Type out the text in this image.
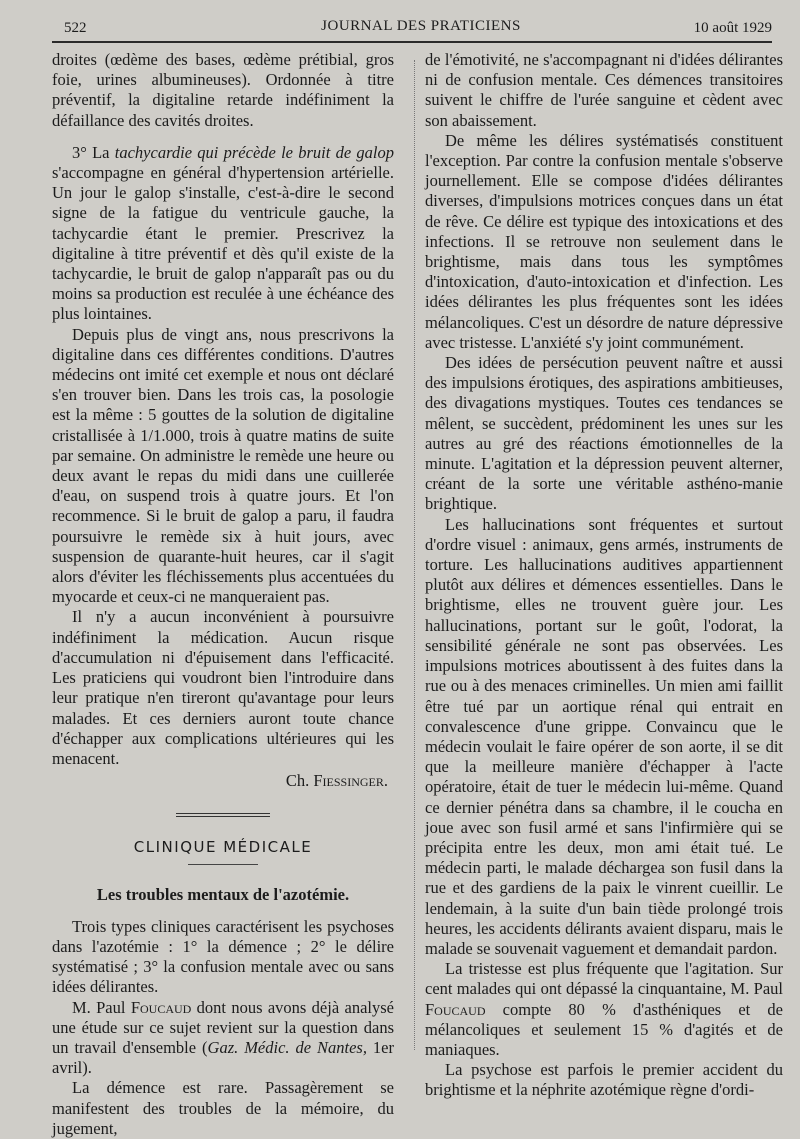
522	JOURNAL DES PRATICIENS	10 août 1929

droites (œdème des bases, œdème prétibial, gros foie, urines albumineuses). Ordonnée à titre préventif, la digitaline retarde indéfiniment la défaillance des cavités droites.

3° La tachycardie qui précède le bruit de galop s'accompagne en général d'hypertension artérielle. Un jour le galop s'installe, c'est-à-dire le second signe de la fatigue du ventricule gauche, la tachycardie étant le premier. Prescrivez la digitaline à titre préventif et dès qu'il existe de la tachycardie, le bruit de galop n'apparaît pas ou du moins sa production est reculée à une échéance des plus lointaines.

Depuis plus de vingt ans, nous prescrivons la digitaline dans ces différentes conditions. D'autres médecins ont imité cet exemple et nous ont déclaré s'en trouver bien. Dans les trois cas, la posologie est la même : 5 gouttes de la solution de digitaline cristallisée à 1/1.000, trois à quatre matins de suite par semaine. On administre le remède une heure ou deux avant le repas du midi dans une cuillerée d'eau, on suspend trois à quatre jours. Et l'on recommence. Si le bruit de galop a paru, il faudra poursuivre le remède six à huit jours, avec suspension de quarante-huit heures, car il s'agit alors d'éviter les fléchissements plus accentuées du myocarde et ceux-ci ne manqueraient pas.

Il n'y a aucun inconvénient à poursuivre indéfiniment la médication. Aucun risque d'accumulation ni d'épuisement dans l'efficacité. Les praticiens qui voudront bien l'introduire dans leur pratique n'en tireront qu'avantage pour leurs malades. Et ces derniers auront toute chance d'échapper aux complications ultérieures qui les menacent.

Ch. Fiessinger.
CLINIQUE MÉDICALE
Les troubles mentaux de l'azotémie.

Trois types cliniques caractérisent les psychoses dans l'azotémie : 1° la démence ; 2° le délire systématisé ; 3° la confusion mentale avec ou sans idées délirantes.

M. Paul Foucaud dont nous avons déjà analysé une étude sur ce sujet revient sur la question dans un travail d'ensemble (Gaz. Médic. de Nantes, 1er avril).

La démence est rare. Passagèrement se manifestent des troubles de la mémoire, du jugement,

de l'émotivité, ne s'accompagnant ni d'idées délirantes ni de confusion mentale. Ces démences transitoires suivent le chiffre de l'urée sanguine et cèdent avec son abaissement.

De même les délires systématisés constituent l'exception. Par contre la confusion mentale s'observe journellement. Elle se compose d'idées délirantes diverses, d'impulsions motrices conçues dans un état de rêve. Ce délire est typique des intoxications et des infections. Il se retrouve non seulement dans le brightisme, mais dans tous les symptômes d'intoxication, d'auto-intoxication et d'infection. Les idées délirantes les plus fréquentes sont les idées mélancoliques. C'est un désordre de nature dépressive avec tristesse. L'anxiété s'y joint communément.

Des idées de persécution peuvent naître et aussi des impulsions érotiques, des aspirations ambitieuses, des divagations mystiques. Toutes ces tendances se mêlent, se succèdent, prédominent les unes sur les autres au gré des réactions émotionnelles de la minute. L'agitation et la dépression peuvent alterner, créant de la sorte une véritable asthéno-manie brightique.

Les hallucinations sont fréquentes et surtout d'ordre visuel : animaux, gens armés, instruments de torture. Les hallucinations auditives appartiennent plutôt aux délires et démences essentielles. Dans le brightisme, elles ne trouvent guère jour. Les hallucinations, portant sur le goût, l'odorat, la sensibilité générale ne sont pas observées. Les impulsions motrices aboutissent à des fuites dans la rue ou à des menaces criminelles. Un mien ami faillit être tué par un aortique rénal qui entrait en convalescence d'une grippe. Convaincu que le médecin voulait le faire opérer de son aorte, il se dit que la meilleure manière d'échapper à l'acte opératoire, était de tuer le médecin lui-même. Quand ce dernier pénétra dans sa chambre, il le coucha en joue avec son fusil armé et sans l'infirmière qui se précipita entre les deux, mon ami était tué. Le médecin parti, le malade déchargea son fusil dans la rue et des gardiens de la paix le vinrent cueillir. Le lendemain, à la suite d'un bain tiède prolongé trois heures, les accidents délirants avaient disparu, mais le malade se souvenait vaguement et demandait pardon.

La tristesse est plus fréquente que l'agitation. Sur cent malades qui ont dépassé la cinquantaine, M. Paul Foucaud compte 80 % d'asthéniques et de mélancoliques et seulement 15 % d'agités et de maniaques.

La psychose est parfois le premier accident du brightisme et la néphrite azotémique règne d'ordi-
